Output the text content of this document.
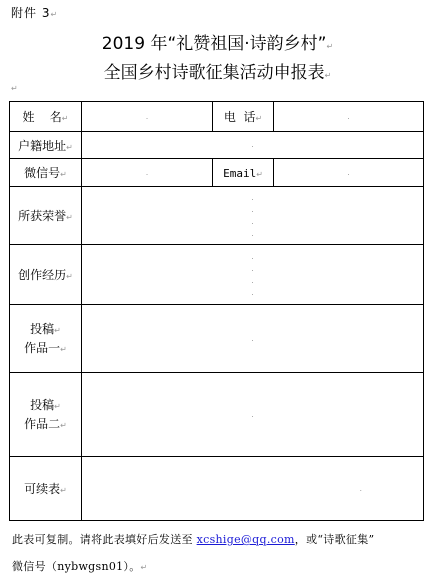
附件 3↵
2019 年“礼赞祖国·诗韵乡村”↵
全国乡村诗歌征集活动申报表↵
↵
姓    名↵	.	电  话↵	.

户籍地址↵	.		

微信号↵	.	Email↵	.

所获荣誉↵	.
.
.
.		

创作经历↵	.
.
.
.		

投稿↵
作品一↵	.		

投稿↵
作品二↵	.		

可续表↵	.		
此表可复制。请将此表填好后发送至 xcshige@qq.com，或“诗歌征集”
微信号（nybwgsn01）。↵
